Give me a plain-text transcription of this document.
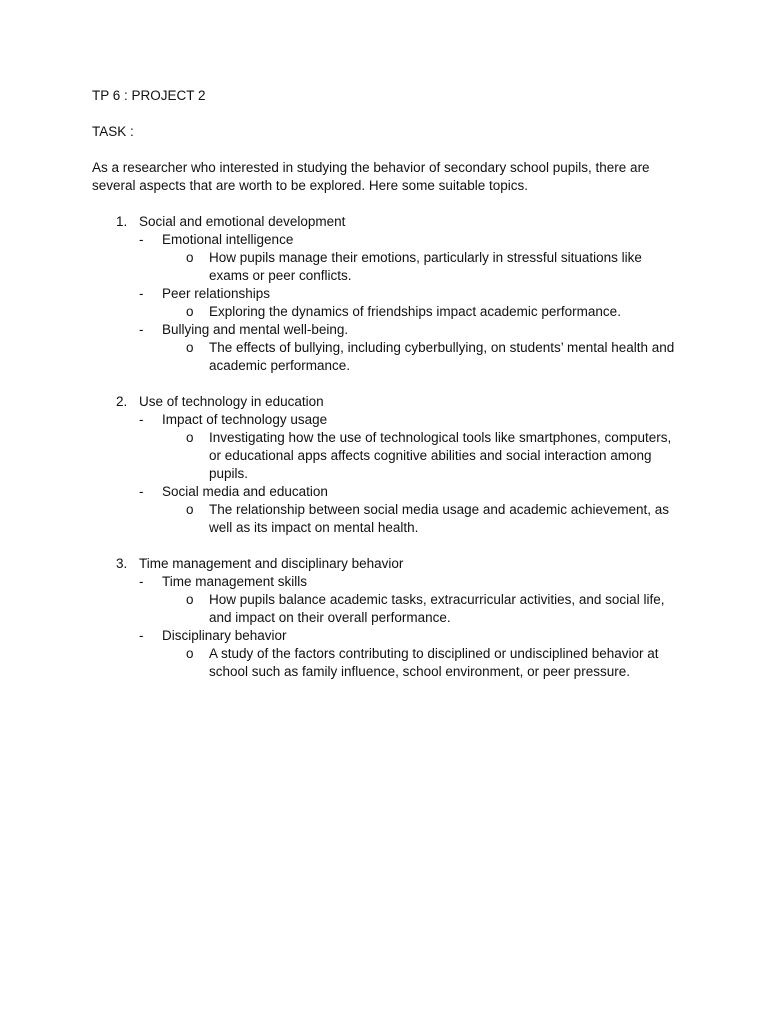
TP 6 : PROJECT 2

TASK :

As a researcher who interested in studying the behavior of secondary school pupils, there are several aspects that are worth to be explored. Here some suitable topics.

1. Social and emotional development
-	Emotional intelligence
o	How pupils manage their emotions, particularly in stressful situations like exams or peer conflicts.
-	Peer relationships
o	Exploring the dynamics of friendships impact academic performance.
-	Bullying and mental well-being.
o	The effects of bullying, including cyberbullying, on students’ mental health and academic performance.
2. Use of technology in education
-	Impact of technology usage
o	Investigating how the use of technological tools like smartphones, computers, or educational apps affects cognitive abilities and social interaction among pupils.
-	Social media and education
o	The relationship between social media usage and academic achievement, as well as its impact on mental health.
3. Time management and disciplinary behavior
-	Time management skills
o	How pupils balance academic tasks, extracurricular activities, and social life, and impact on their overall performance.
-	Disciplinary behavior
o	A study of the factors contributing to disciplined or undisciplined behavior at school such as family influence, school environment, or peer pressure.
